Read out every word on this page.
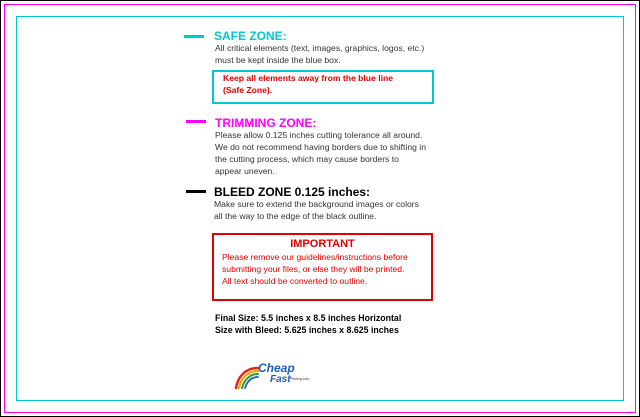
SAFE ZONE:
All critical elements (text, images, graphics, logos, etc.)
must be kept inside the blue box.
Keep all elements away from the blue line
(Safe Zone).
TRIMMING ZONE:
Please allow 0.125 inches cutting tolerance all around.
We do not recommend having borders due to shifting in
the cutting process, which may cause borders to
appear uneven.
BLEED ZONE 0.125 inches:
Make sure to extend the background images or colors
all the way to the edge of the black outline.
IMPORTANT
Please remove our guidelines/instructions before
submitting your files, or else they will be printed.
All text should be converted to outline.
Final Size: 5.5 inches x 8.5 inches Horizontal
Size with Bleed: 5.625 inches x 8.625 inches
Cheap
Fast Printing.com
